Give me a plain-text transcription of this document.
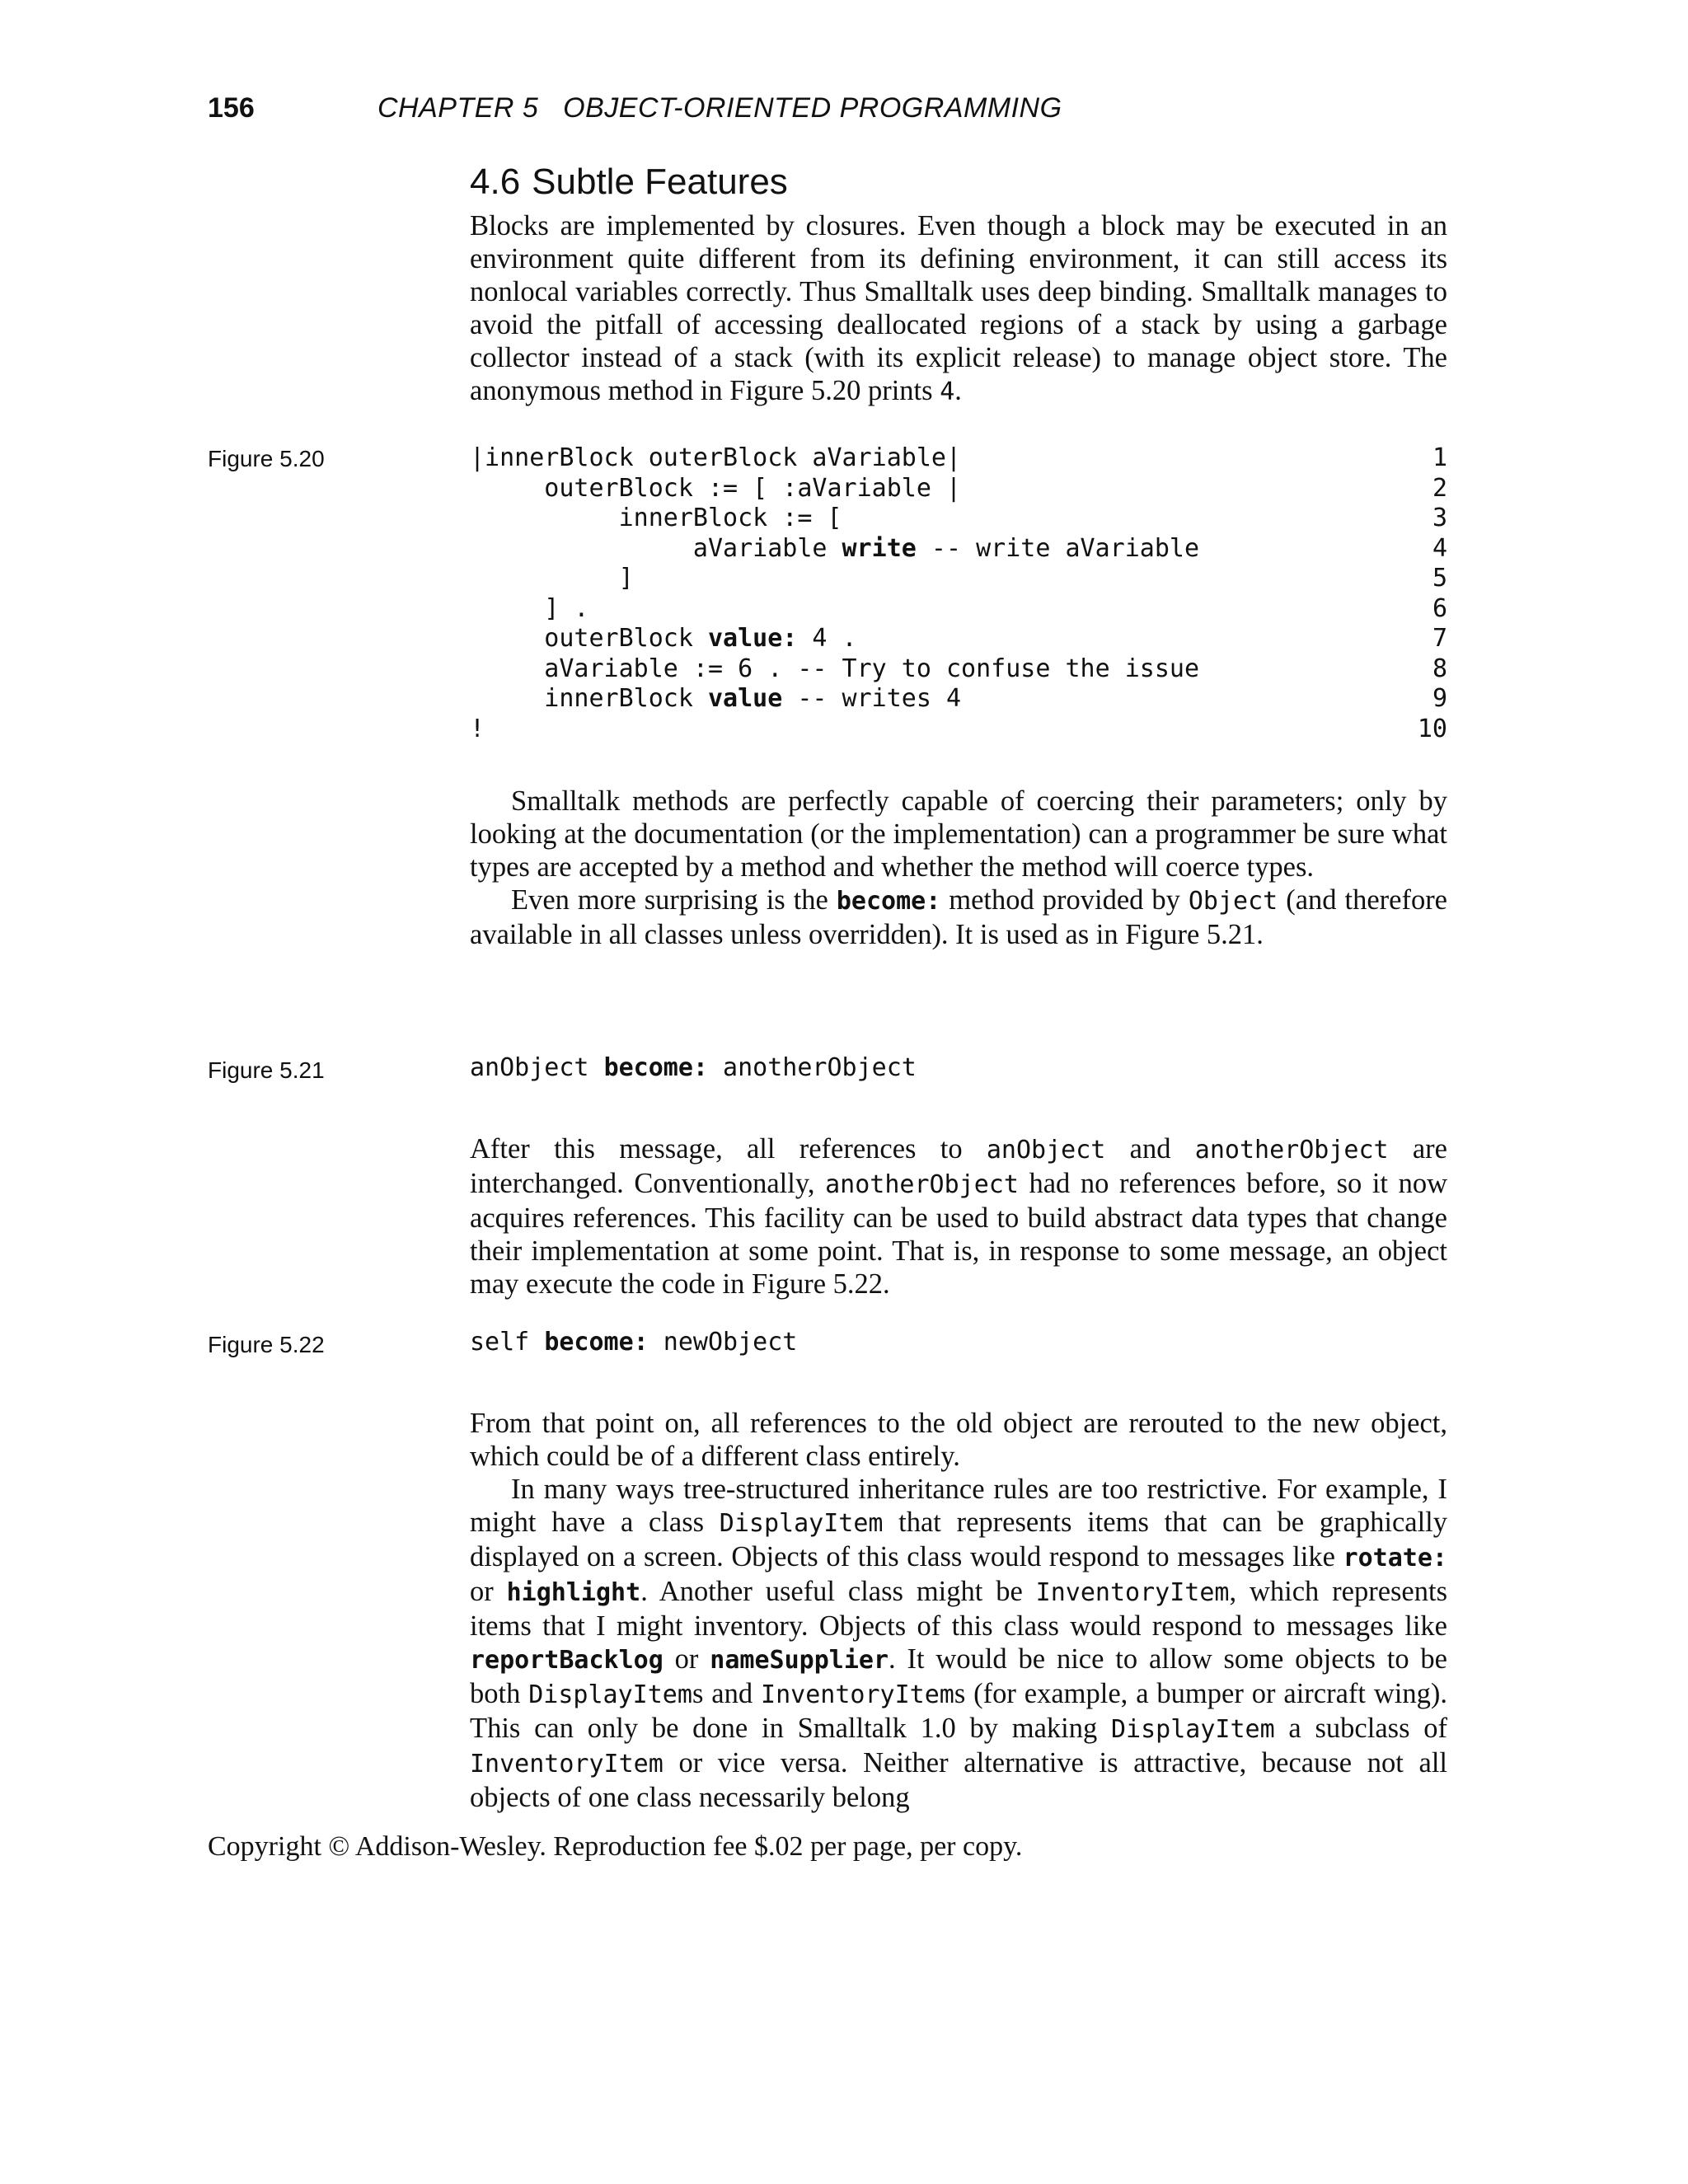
156	CHAPTER 5   OBJECT-ORIENTED PROGRAMMING
4.6 Subtle Features

Blocks are implemented by closures. Even though a block may be executed in an environment quite different from its defining environment, it can still access its nonlocal variables correctly. Thus Smalltalk uses deep binding. Smalltalk manages to avoid the pitfall of accessing deallocated regions of a stack by using a garbage collector instead of a stack (with its explicit release) to manage object store. The anonymous method in Figure 5.20 prints 4.

Figure 5.20	|innerBlock outerBlock aVariable|	1
outerBlock := [ :aVariable |	2
innerBlock := [	3
aVariable write -- write aVariable	4
]	5
] .	6
outerBlock value: 4 .	7
aVariable := 6 . -- Try to confuse the issue	8
innerBlock value -- writes 4	9
!	10

Smalltalk methods are perfectly capable of coercing their parameters; only by looking at the documentation (or the implementation) can a programmer be sure what types are accepted by a method and whether the method will coerce types.

Even more surprising is the become: method provided by Object (and therefore available in all classes unless overridden). It is used as in Figure 5.21.

Figure 5.21	anObject become: anotherObject

After this message, all references to anObject and anotherObject are interchanged. Conventionally, anotherObject had no references before, so it now acquires references. This facility can be used to build abstract data types that change their implementation at some point. That is, in response to some message, an object may execute the code in Figure 5.22.

Figure 5.22	self become: newObject

From that point on, all references to the old object are rerouted to the new object, which could be of a different class entirely.

In many ways tree-structured inheritance rules are too restrictive. For example, I might have a class DisplayItem that represents items that can be graphically displayed on a screen. Objects of this class would respond to messages like rotate: or highlight. Another useful class might be InventoryItem, which represents items that I might inventory. Objects of this class would respond to messages like reportBacklog or nameSupplier. It would be nice to allow some objects to be both DisplayItems and InventoryItems (for example, a bumper or aircraft wing). This can only be done in Smalltalk 1.0 by making DisplayItem a subclass of InventoryItem or vice versa. Neither alternative is attractive, because not all objects of one class necessarily belong

Copyright © Addison-Wesley. Reproduction fee $.02 per page, per copy.
